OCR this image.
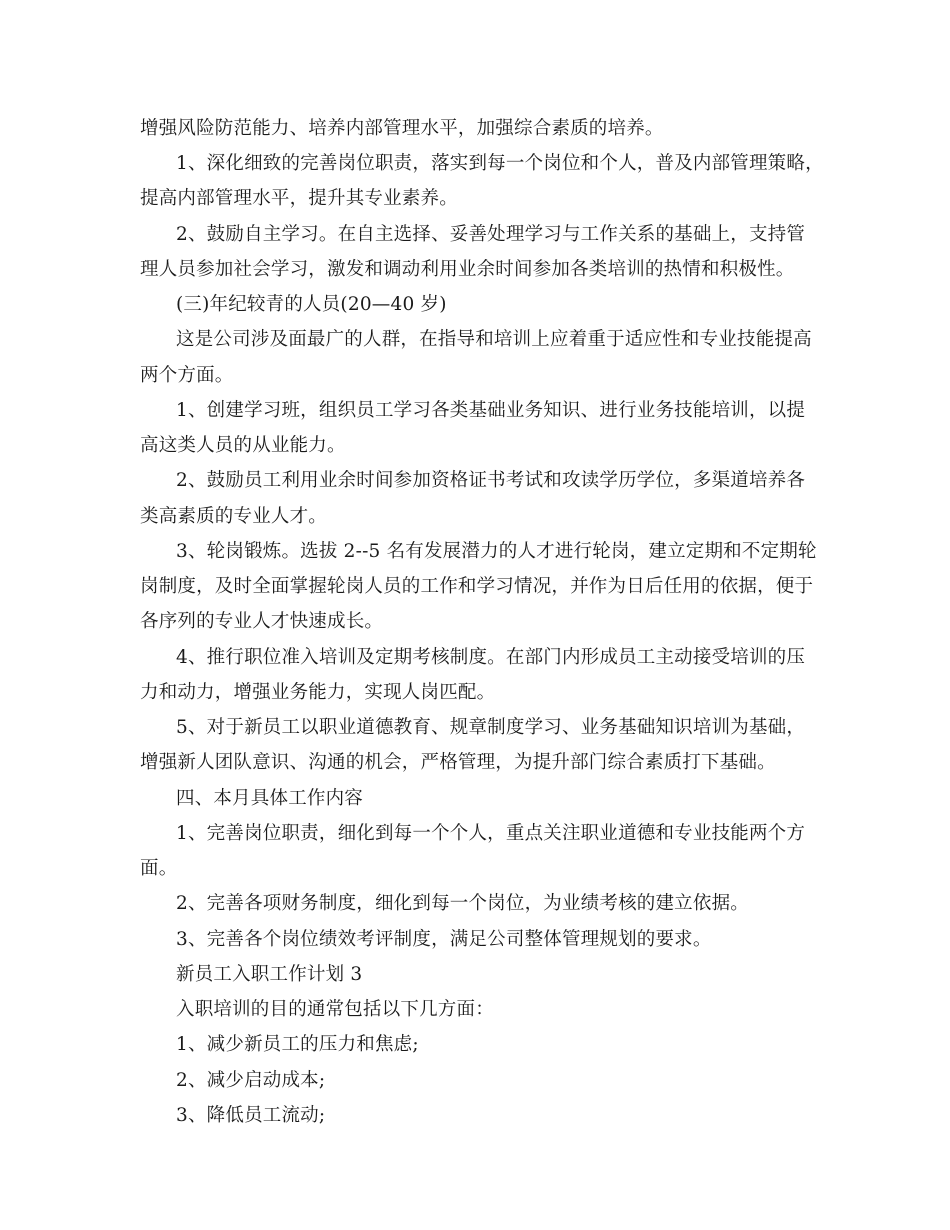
增强风险防范能力、培养内部管理水平，加强综合素质的培养。
1、深化细致的完善岗位职责，落实到每一个岗位和个人，普及内部管理策略，
提高内部管理水平，提升其专业素养。
2、鼓励自主学习。在自主选择、妥善处理学习与工作关系的基础上，支持管
理人员参加社会学习，激发和调动利用业余时间参加各类培训的热情和积极性。
(三)年纪较青的人员(20—40 岁)
这是公司涉及面最广的人群，在指导和培训上应着重于适应性和专业技能提高
两个方面。
1、创建学习班，组织员工学习各类基础业务知识、进行业务技能培训，以提
高这类人员的从业能力。
2、鼓励员工利用业余时间参加资格证书考试和攻读学历学位，多渠道培养各
类高素质的专业人才。
3、轮岗锻炼。选拔 2--5 名有发展潜力的人才进行轮岗，建立定期和不定期轮
岗制度，及时全面掌握轮岗人员的工作和学习情况，并作为日后任用的依据，便于
各序列的专业人才快速成长。
4、推行职位准入培训及定期考核制度。在部门内形成员工主动接受培训的压
力和动力，增强业务能力，实现人岗匹配。
5、对于新员工以职业道德教育、规章制度学习、业务基础知识培训为基础，
增强新人团队意识、沟通的机会，严格管理，为提升部门综合素质打下基础。
四、本月具体工作内容
1、完善岗位职责，细化到每一个个人，重点关注职业道德和专业技能两个方
面。
2、完善各项财务制度，细化到每一个岗位，为业绩考核的建立依据。
3、完善各个岗位绩效考评制度，满足公司整体管理规划的要求。
新员工入职工作计划 3
入职培训的目的通常包括以下几方面：
1、减少新员工的压力和焦虑;
2、减少启动成本;
3、降低员工流动;
